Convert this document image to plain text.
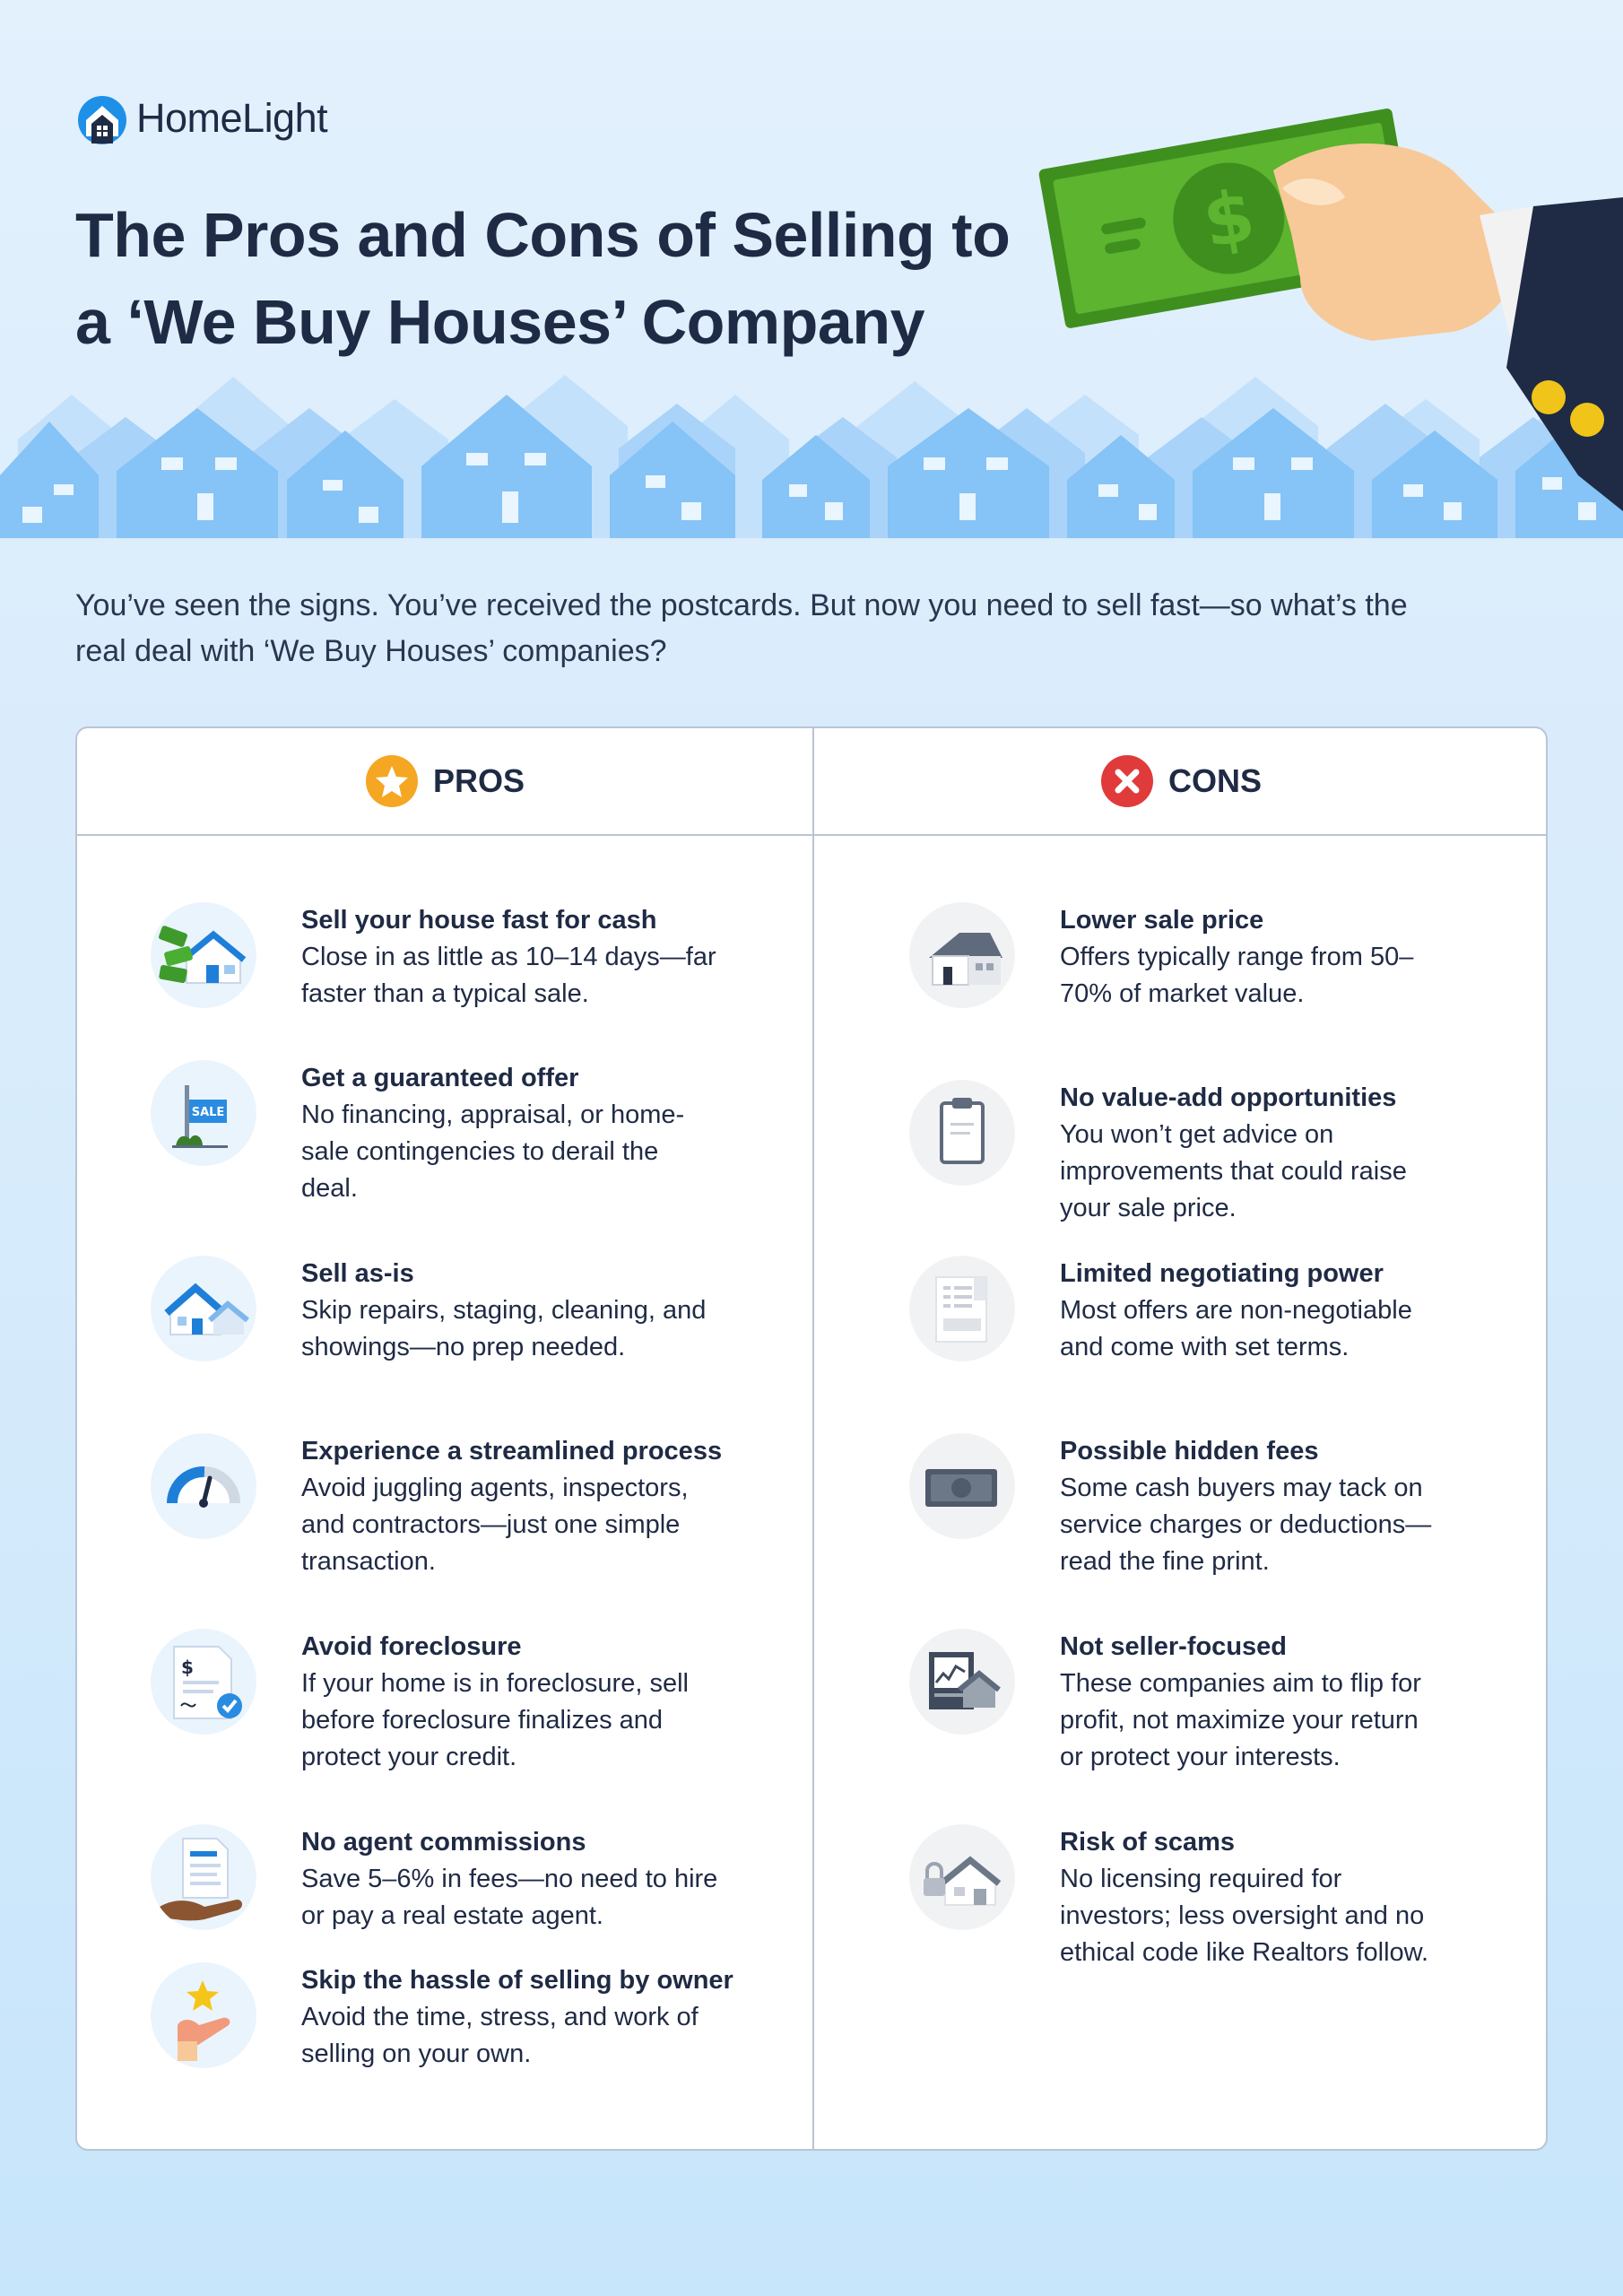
HomeLight
The Pros and Cons of Selling to
a ‘We Buy Houses’ Company
$

You’ve seen the signs. You’ve received the postcards. But now you need to sell fast—so what’s the
real deal with ‘We Buy Houses’ companies?

PROS	CONS
Sell your house fast for cash
Close in as little as 10–14 days—far
faster than a typical sale.
SALE
Get a guaranteed offer
No financing, appraisal, or home-
sale contingencies to derail the
deal.
Sell as-is
Skip repairs, staging, cleaning, and
showings—no prep needed.
Experience a streamlined process
Avoid juggling agents, inspectors,
and contractors—just one simple
transaction.
$
Avoid foreclosure
If your home is in foreclosure, sell
before foreclosure finalizes and
protect your credit.
No agent commissions
Save 5–6% in fees—no need to hire
or pay a real estate agent.
Skip the hassle of selling by owner
Avoid the time, stress, and work of
selling on your own.
Lower sale price
Offers typically range from 50–
70% of market value.
No value-add opportunities
You won’t get advice on
improvements that could raise
your sale price.
Limited negotiating power
Most offers are non-negotiable
and come with set terms.
Possible hidden fees
Some cash buyers may tack on
service charges or deductions—
read the fine print.
Not seller-focused
These companies aim to flip for
profit, not maximize your return
or protect your interests.
Risk of scams
No licensing required for
investors; less oversight and no
ethical code like Realtors follow.
